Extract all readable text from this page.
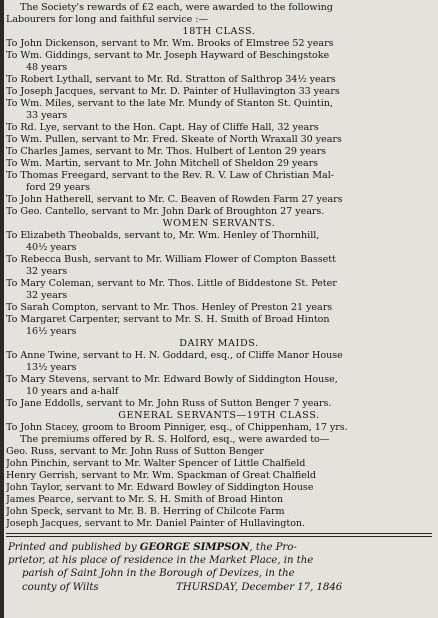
The Society's rewards of £2 each, were awarded to the following
Labourers for long and faithful service :—
18TH CLASS.
To John Dickenson, servant to Mr. Wm. Brooks of Elmstree 52 years
To Wm. Giddings, servant to Mr. Joseph Hayward of Beschingstoke
48 years
To Robert Lythall, servant to Mr. Rd. Stratton of Salthrop 34½ years
To Joseph Jacques, servant to Mr. D. Painter of Hullavington 33 years
To Wm. Miles, servant to the late Mr. Mundy of Stanton St. Quintin,
33 years
To Rd. Lye, servant to the Hon. Capt. Hay of Cliffe Hall, 32 years
To Wm. Pullen, servant to Mr. Fred. Skeate of North Wraxall 30 years
To Charles James, servant to Mr. Thos. Hulbert of Lenton 29 years
To Wm. Martin, servant to Mr. John Mitchell of Sheldon 29 years
To Thomas Freegard, servant to the Rev. R. V. Law of Christian Mal-
ford 29 years
To John Hatherell, servant to Mr. C. Beaven of Rowden Farm 27 years
To Geo. Cantello, servant to Mr. John Dark of Broughton 27 years.
WOMEN SERVANTS.
To Elizabeth Theobalds, servant to, Mr. Wm. Henley of Thornhill,
40½ years
To Rebecca Bush, servant to Mr. William Flower of Compton Bassett
32 years
To Mary Coleman, servant to Mr. Thos. Little of Biddestone St. Peter
32 years
To Sarah Compton, servant to Mr. Thos. Henley of Preston 21 years
To Margaret Carpenter, servant to Mr. S. H. Smith of Broad Hinton
16½ years
DAIRY MAIDS.
To Anne Twine, servant to H. N. Goddard, esq., of Cliffe Manor House
13½ years
To Mary Stevens, servant to Mr. Edward Bowly of Siddington House,
10 years and a-half
To Jane Eddolls, servant to Mr. John Russ of Sutton Benger 7 years.
GENERAL SERVANTS—19TH CLASS.
To John Stacey, groom to Broom Pinniger, esq., of Chippenham, 17 yrs.
The premiums offered by R. S. Holford, esq., were awarded to—
Geo. Russ, servant to Mr. John Russ of Sutton Benger
John Pinchin, servant to Mr. Walter Spencer of Little Chalfield
Henry Gerrish, servant to Mr. Wm. Spackman of Great Chalfield
John Taylor, servant to Mr. Edward Bowley of Siddington House
James Pearce, servant to Mr. S. H. Smith of Broad Hinton
John Speck, servant to Mr. B. B. Herring of Chilcote Farm
Joseph Jacques, servant to Mr. Daniel Painter of Hullavington.
Printed and published by GEORGE SIMPSON, the Pro-
prietor, at his place of residence in the Market Place, in the
parish of Saint John in the Borough of Devizes, in the
county of Wilts	THURSDAY, December 17, 1846
